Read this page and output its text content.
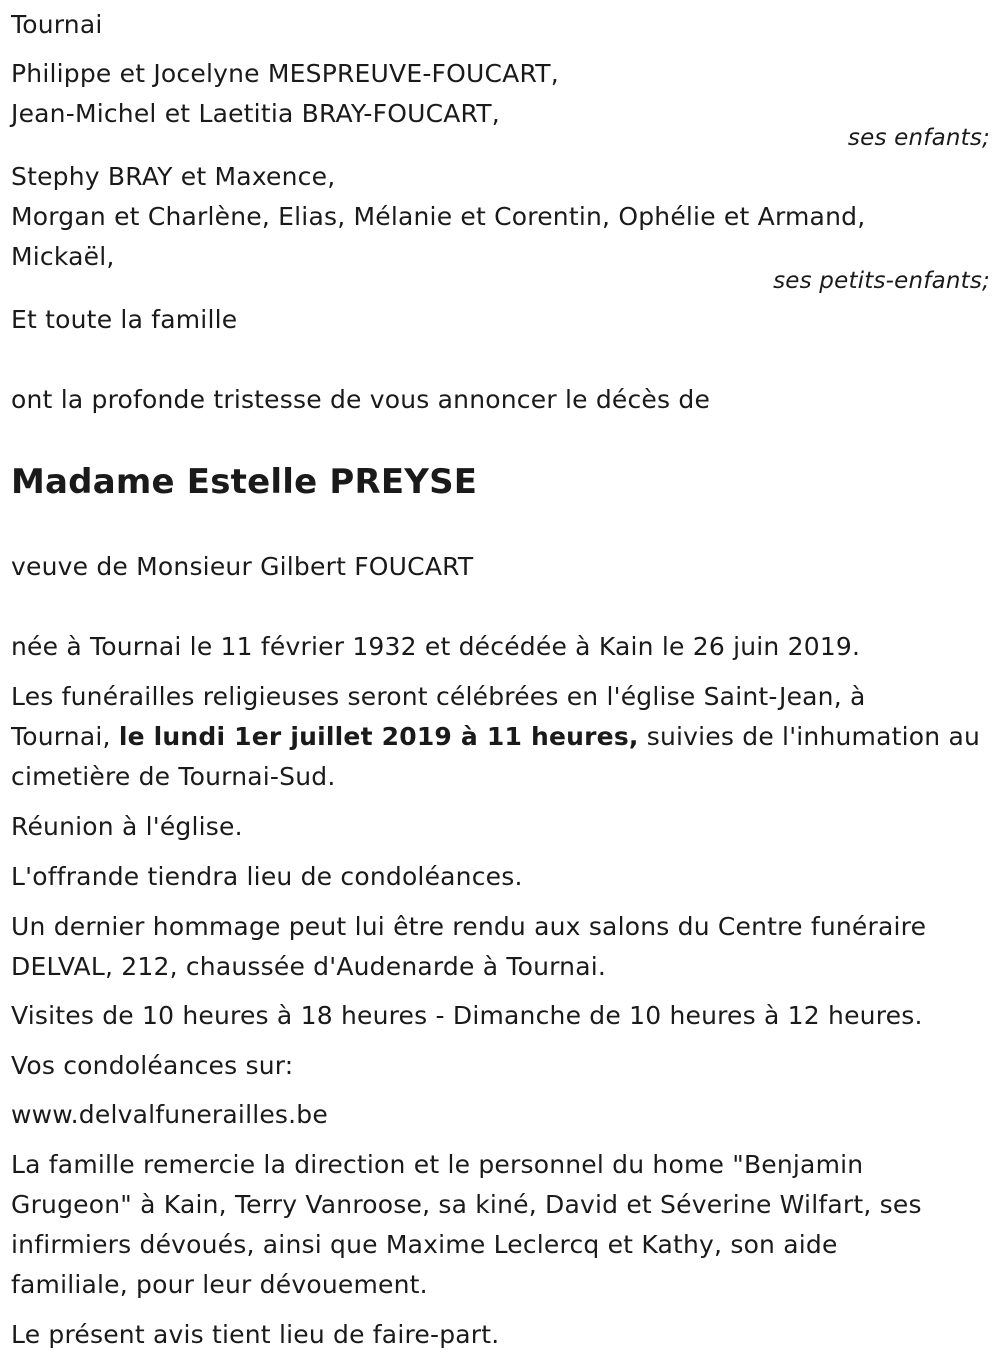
Tournai
Philippe et Jocelyne MESPREUVE-FOUCART,
Jean-Michel et Laetitia BRAY-FOUCART,
ses enfants;
Stephy BRAY et Maxence,
Morgan et Charlène, Elias, Mélanie et Corentin, Ophélie et Armand,
Mickaël,
ses petits-enfants;
Et toute la famille
ont la profonde tristesse de vous annoncer le décès de
Madame Estelle PREYSE
veuve de Monsieur Gilbert FOUCART
née à Tournai le 11 février 1932 et décédée à Kain le 26 juin 2019.
Les funérailles religieuses seront célébrées en l'église Saint-Jean, à
Tournai, le lundi 1er juillet 2019 à 11 heures, suivies de l'inhumation au
cimetière de Tournai-Sud.
Réunion à l'église.
L'offrande tiendra lieu de condoléances.
Un dernier hommage peut lui être rendu aux salons du Centre funéraire
DELVAL, 212, chaussée d'Audenarde à Tournai.
Visites de 10 heures à 18 heures - Dimanche de 10 heures à 12 heures.
Vos condoléances sur:
www.delvalfunerailles.be
La famille remercie la direction et le personnel du home "Benjamin
Grugeon" à Kain, Terry Vanroose, sa kiné, David et Séverine Wilfart, ses
infirmiers dévoués, ainsi que Maxime Leclercq et Kathy, son aide
familiale, pour leur dévouement.
Le présent avis tient lieu de faire-part.
